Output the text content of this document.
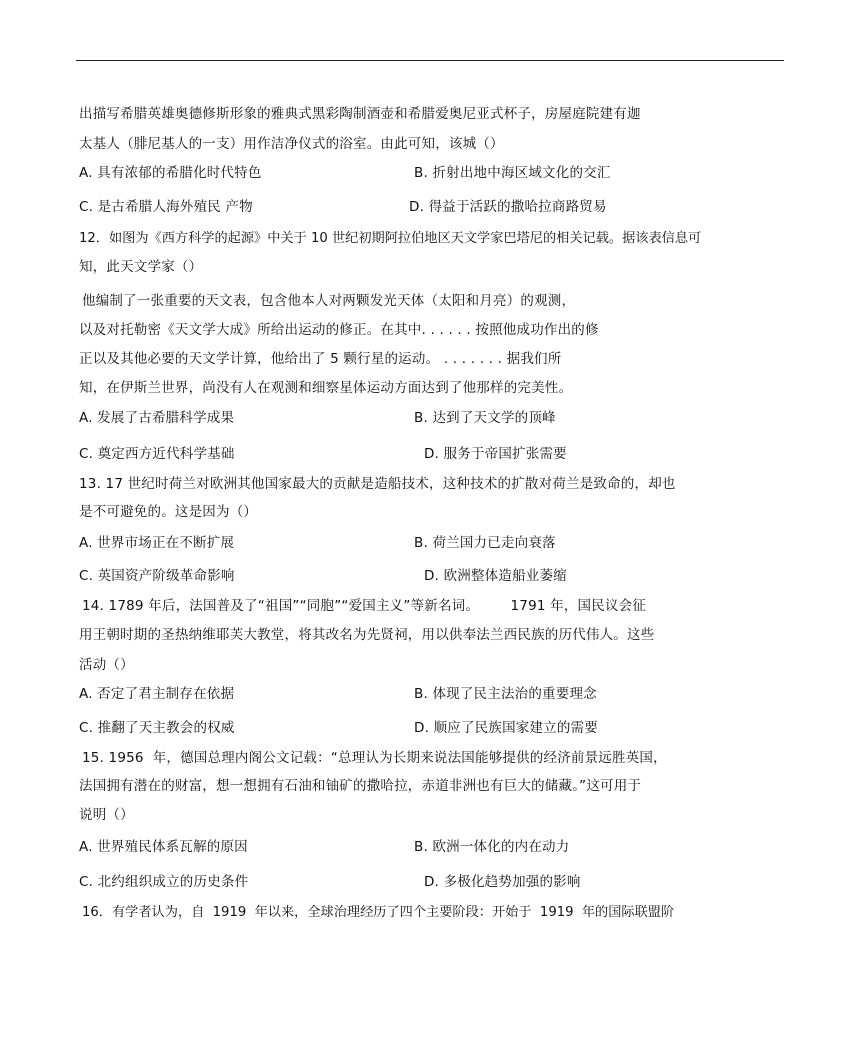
出描写希腊英雄奥德修斯形象的雅典式黑彩陶制酒壶和希腊爱奥尼亚式杯子，房屋庭院建有迦
太基人（腓尼基人的一支）用作洁净仪式的浴室。由此可知，该城（）
A. 具有浓郁的希腊化时代特色	B. 折射出地中海区域文化的交汇
C. 是古希腊人海外殖民 产物	D. 得益于活跃的撒哈拉商路贸易
12．如图为《西方科学的起源》中关于 10 世纪初期阿拉伯地区天文学家巴塔尼的相关记载。据该表信息可
知，此天文学家（）
他编制了一张重要的天文表，包含他本人对两颗发光天体（太阳和月亮）的观测，
以及对托勒密《天文学大成》所给出运动的修正。在其中. . . . . . 按照他成功作出的修
正以及其他必要的天文学计算，他给出了 5 颗行星的运动。 . . . . . . . 据我们所
知，在伊斯兰世界，尚没有人在观测和细察星体运动方面达到了他那样的完美性。
A. 发展了古希腊科学成果	B. 达到了天文学的顶峰
C. 奠定西方近代科学基础	D. 服务于帝国扩张需要
13. 17 世纪时荷兰对欧洲其他国家最大的贡献是造船技术，这种技术的扩散对荷兰是致命的，却也
是不可避免的。这是因为（）
A. 世界市场正在不断扩展	B. 荷兰国力已走向衰落
C. 英国资产阶级革命影响	D. 欧洲整体造船业萎缩
14. 1789 年后，法国普及了“祖国”“同胞”“爱国主义”等新名词。       1791 年，国民议会征
用王朝时期的圣热纳维耶芙大教堂，将其改名为先贤祠，用以供奉法兰西民族的历代伟人。这些
活动（）
A. 否定了君主制存在依据	B. 体现了民主法治的重要理念
C. 推翻了天主教会的权威	D. 顺应了民族国家建立的需要
15. 1956  年，德国总理内阁公文记载：“总理认为长期来说法国能够提供的经济前景远胜英国，
法国拥有潜在的财富，想一想拥有石油和铀矿的撒哈拉，赤道非洲也有巨大的储藏。”这可用于
说明（）
A. 世界殖民体系瓦解的原因	B. 欧洲一体化的内在动力
C. 北约组织成立的历史条件	D. 多极化趋势加强的影响
16．有学者认为，自  1919  年以来，全球治理经历了四个主要阶段：开始于  1919  年的国际联盟阶
